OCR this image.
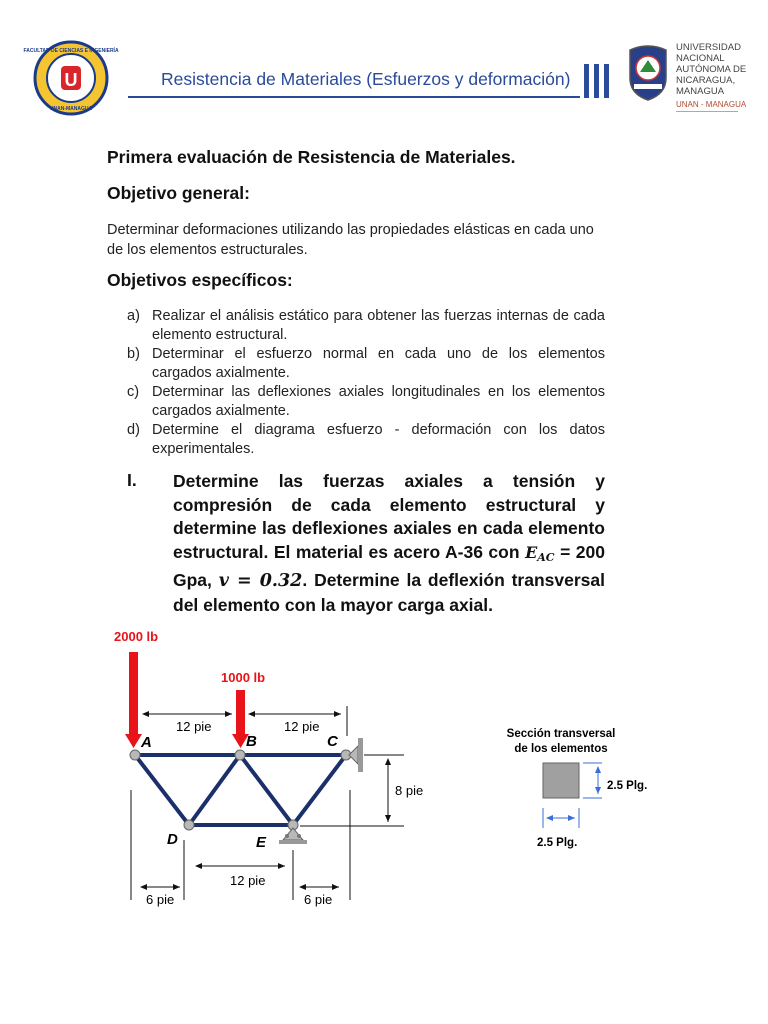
U
FACULTAD DE CIENCIAS E INGENIERÍA
UNAN-MANAGUA
Resistencia de Materiales (Esfuerzos y deformación)
UNIVERSIDAD
NACIONAL
AUTÓNOMA DE
NICARAGUA,
MANAGUA
UNAN - MANAGUA
Primera evaluación de Resistencia de Materiales.
Objetivo general:
Determinar deformaciones utilizando las propiedades elásticas en cada uno de los elementos estructurales.
Objetivos específicos:
a) Realizar el análisis estático para obtener las fuerzas internas de cada elemento estructural.
b) Determinar el esfuerzo normal en cada uno de los elementos cargados axialmente.
c) Determinar las deflexiones axiales longitudinales en los elementos cargados axialmente.
d) Determine el diagrama esfuerzo - deformación con los datos experimentales.
I. Determine las fuerzas axiales a tensión y compresión de cada elemento estructural y determine las deflexiones axiales en cada elemento estructural. El material es acero A-36 con EAC = 200 Gpa, v = 0.32. Determine la deflexión transversal del elemento con la mayor carga axial.
2000 lb
1000 lb
12 pie	12 pie
A	B	C
D	E
8 pie
12 pie
6 pie	6 pie
Sección transversal
de los elementos
2.5 Plg.
2.5 Plg.
